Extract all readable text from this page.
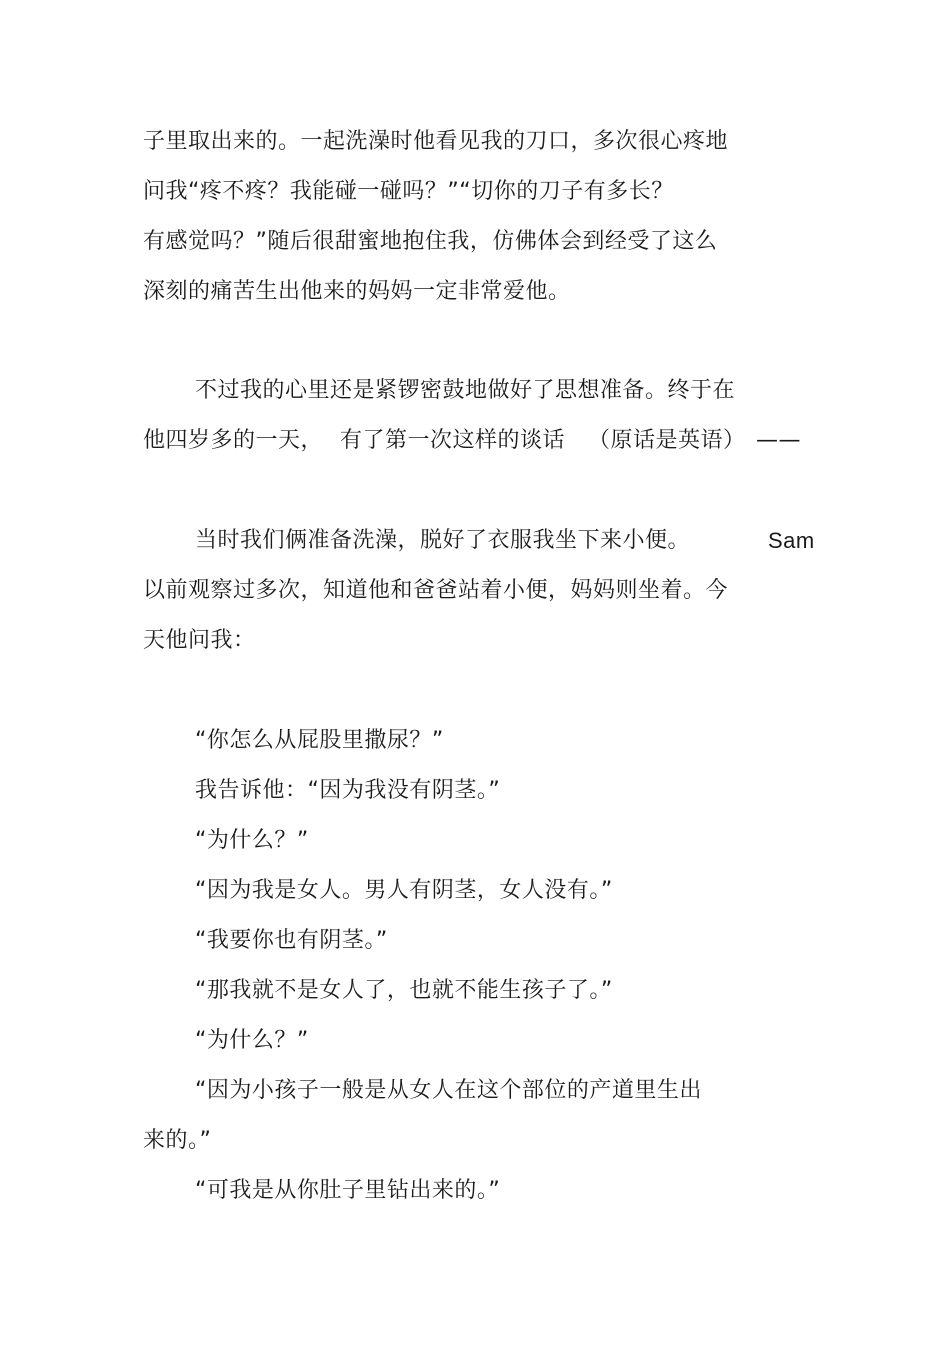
子里取出来的。一起洗澡时他看见我的刀口，多次很心疼地
问我“疼不疼？我能碰一碰吗？”“切你的刀子有多长？
有感觉吗？”随后很甜蜜地抱住我，仿佛体会到经受了这么
深刻的痛苦生出他来的妈妈一定非常爱他。
不过我的心里还是紧锣密鼓地做好了思想准备。终于在
他四岁多的一天， 有了第一次这样的谈话 （原话是英语） ——
当时我们俩准备洗澡，脱好了衣服我坐下来小便。	Sam
以前观察过多次，知道他和爸爸站着小便，妈妈则坐着。今
天他问我：
“你怎么从屁股里撒尿？”
我告诉他：“因为我没有阴茎。”
“为什么？”
“因为我是女人。男人有阴茎，女人没有。”
“我要你也有阴茎。”
“那我就不是女人了，也就不能生孩子了。”
“为什么？”
“因为小孩子一般是从女人在这个部位的产道里生出
来的。”
“可我是从你肚子里钻出来的。”
